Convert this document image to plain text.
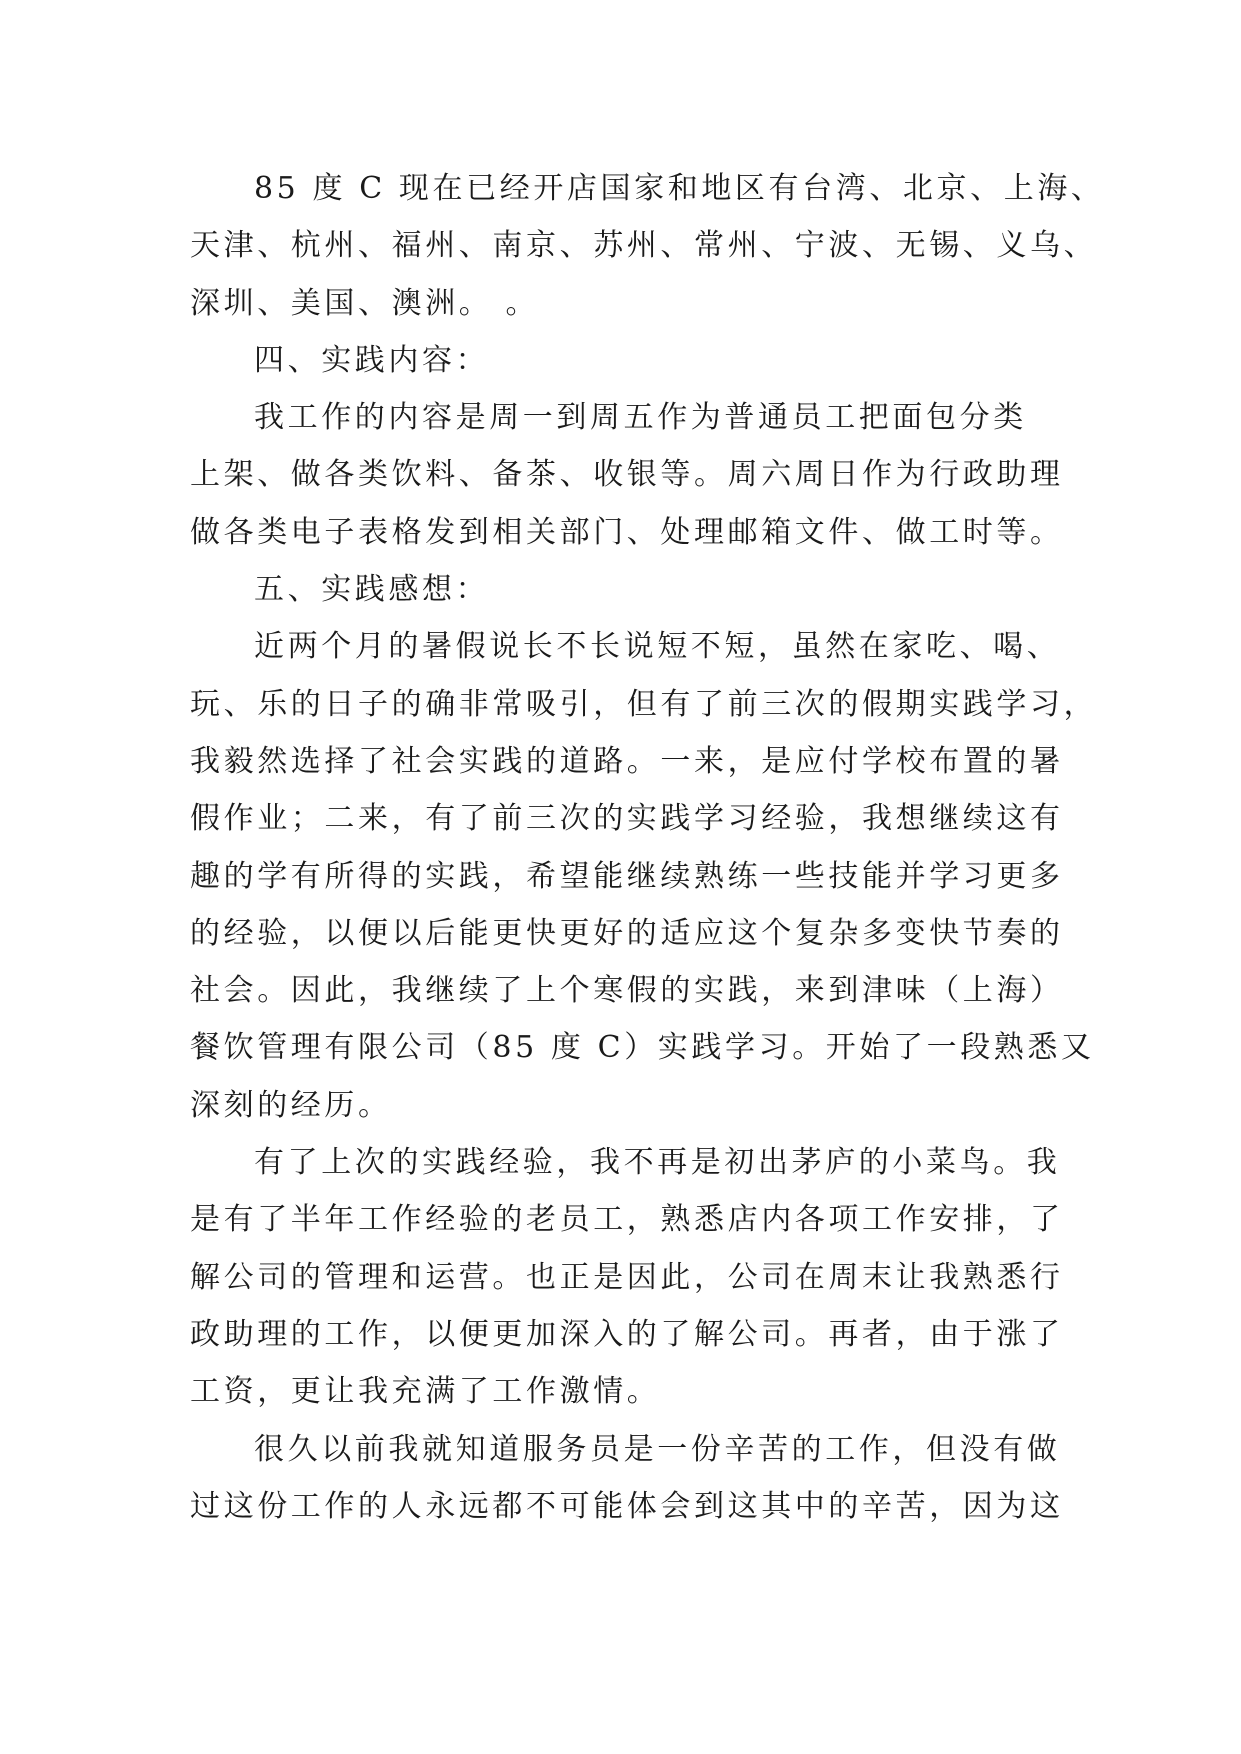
85 度 C 现在已经开店国家和地区有台湾、北京、上海、
天津、杭州、福州、南京、苏州、常州、宁波、无锡、义乌、
深圳、美国、澳洲。 。
四、实践内容：
我工作的内容是周一到周五作为普通员工把面包分类
上架、做各类饮料、备茶、收银等。周六周日作为行政助理
做各类电子表格发到相关部门、处理邮箱文件、做工时等。
五、实践感想：
近两个月的暑假说长不长说短不短，虽然在家吃、喝、
玩、乐的日子的确非常吸引，但有了前三次的假期实践学习，
我毅然选择了社会实践的道路。一来，是应付学校布置的暑
假作业；二来，有了前三次的实践学习经验，我想继续这有
趣的学有所得的实践，希望能继续熟练一些技能并学习更多
的经验，以便以后能更快更好的适应这个复杂多变快节奏的
社会。因此，我继续了上个寒假的实践，来到津味（上海）
餐饮管理有限公司（85 度 C）实践学习。开始了一段熟悉又
深刻的经历。
有了上次的实践经验，我不再是初出茅庐的小菜鸟。我
是有了半年工作经验的老员工，熟悉店内各项工作安排，了
解公司的管理和运营。也正是因此，公司在周末让我熟悉行
政助理的工作，以便更加深入的了解公司。再者，由于涨了
工资，更让我充满了工作激情。
很久以前我就知道服务员是一份辛苦的工作，但没有做
过这份工作的人永远都不可能体会到这其中的辛苦，因为这
